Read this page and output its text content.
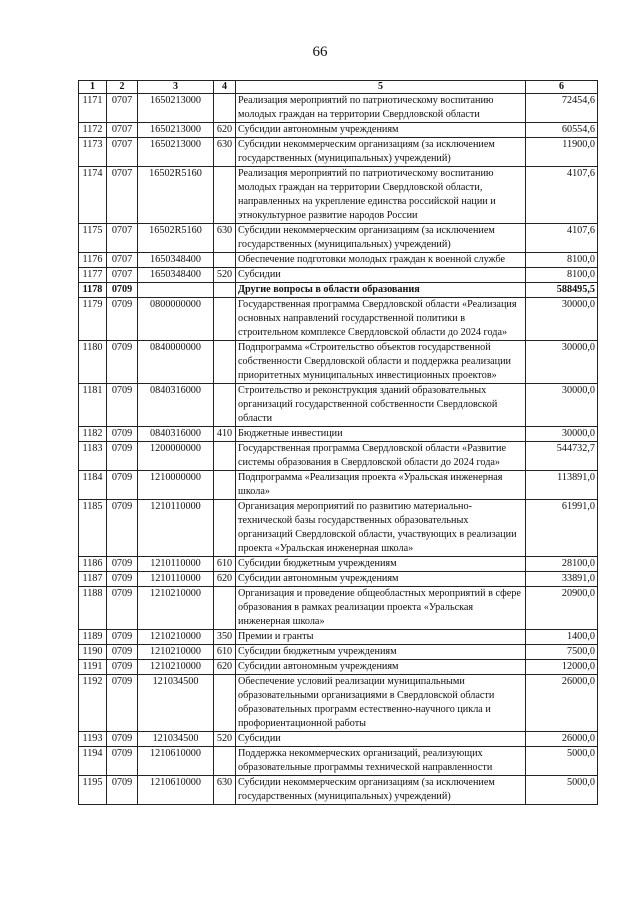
66
1	2	3	4	5	6
1171	0707	1650213000		Реализация мероприятий по патриотическому воспитанию молодых граждан на территории Свердловской области	72454,6
1172	0707	1650213000	620	Субсидии автономным учреждениям	60554,6
1173	0707	1650213000	630	Субсидии некоммерческим организациям (за исключением государственных (муниципальных) учреждений)	11900,0
1174	0707	16502R5160		Реализация мероприятий по патриотическому воспитанию молодых граждан на территории Свердловской области, направленных на укрепление единства российской нации и этнокультурное развитие народов России	4107,6
1175	0707	16502R5160	630	Субсидии некоммерческим организациям (за исключением государственных (муниципальных) учреждений)	4107,6
1176	0707	1650348400		Обеспечение подготовки молодых граждан к военной службе	8100,0
1177	0707	1650348400	520	Субсидии	8100,0
1178	0709			Другие вопросы в области образования	588495,5
1179	0709	0800000000		Государственная программа Свердловской области «Реализация основных направлений государственной политики в строительном комплексе Свердловской области до 2024 года»	30000,0
1180	0709	0840000000		Подпрограмма «Строительство объектов государственной собственности Свердловской области и поддержка реализации приоритетных муниципальных инвестиционных проектов»	30000,0
1181	0709	0840316000		Строительство и реконструкция зданий образовательных организаций государственной собственности Свердловской области	30000,0
1182	0709	0840316000	410	Бюджетные инвестиции	30000,0
1183	0709	1200000000		Государственная программа Свердловской области «Развитие системы образования в Свердловской области до 2024 года»	544732,7
1184	0709	1210000000		Подпрограмма «Реализация проекта «Уральская инженерная школа»	113891,0
1185	0709	1210110000		Организация мероприятий по развитию материально-технической базы государственных образовательных организаций Свердловской области, участвующих в реализации проекта «Уральская инженерная школа»	61991,0
1186	0709	1210110000	610	Субсидии бюджетным учреждениям	28100,0
1187	0709	1210110000	620	Субсидии автономным учреждениям	33891,0
1188	0709	1210210000		Организация и проведение общеобластных мероприятий в сфере образования в рамках реализации проекта «Уральская инженерная школа»	20900,0
1189	0709	1210210000	350	Премии и гранты	1400,0
1190	0709	1210210000	610	Субсидии бюджетным учреждениям	7500,0
1191	0709	1210210000	620	Субсидии автономным учреждениям	12000,0
1192	0709	121034500		Обеспечение условий реализации муниципальными образовательными организациями в Свердловской области образовательных программ естественно-научного цикла и профориентационной работы	26000,0
1193	0709	121034500	520	Субсидии	26000,0
1194	0709	1210610000		Поддержка некоммерческих организаций, реализующих образовательные программы технической направленности	5000,0
1195	0709	1210610000	630	Субсидии некоммерческим организациям (за исключением государственных (муниципальных) учреждений)	5000,0
